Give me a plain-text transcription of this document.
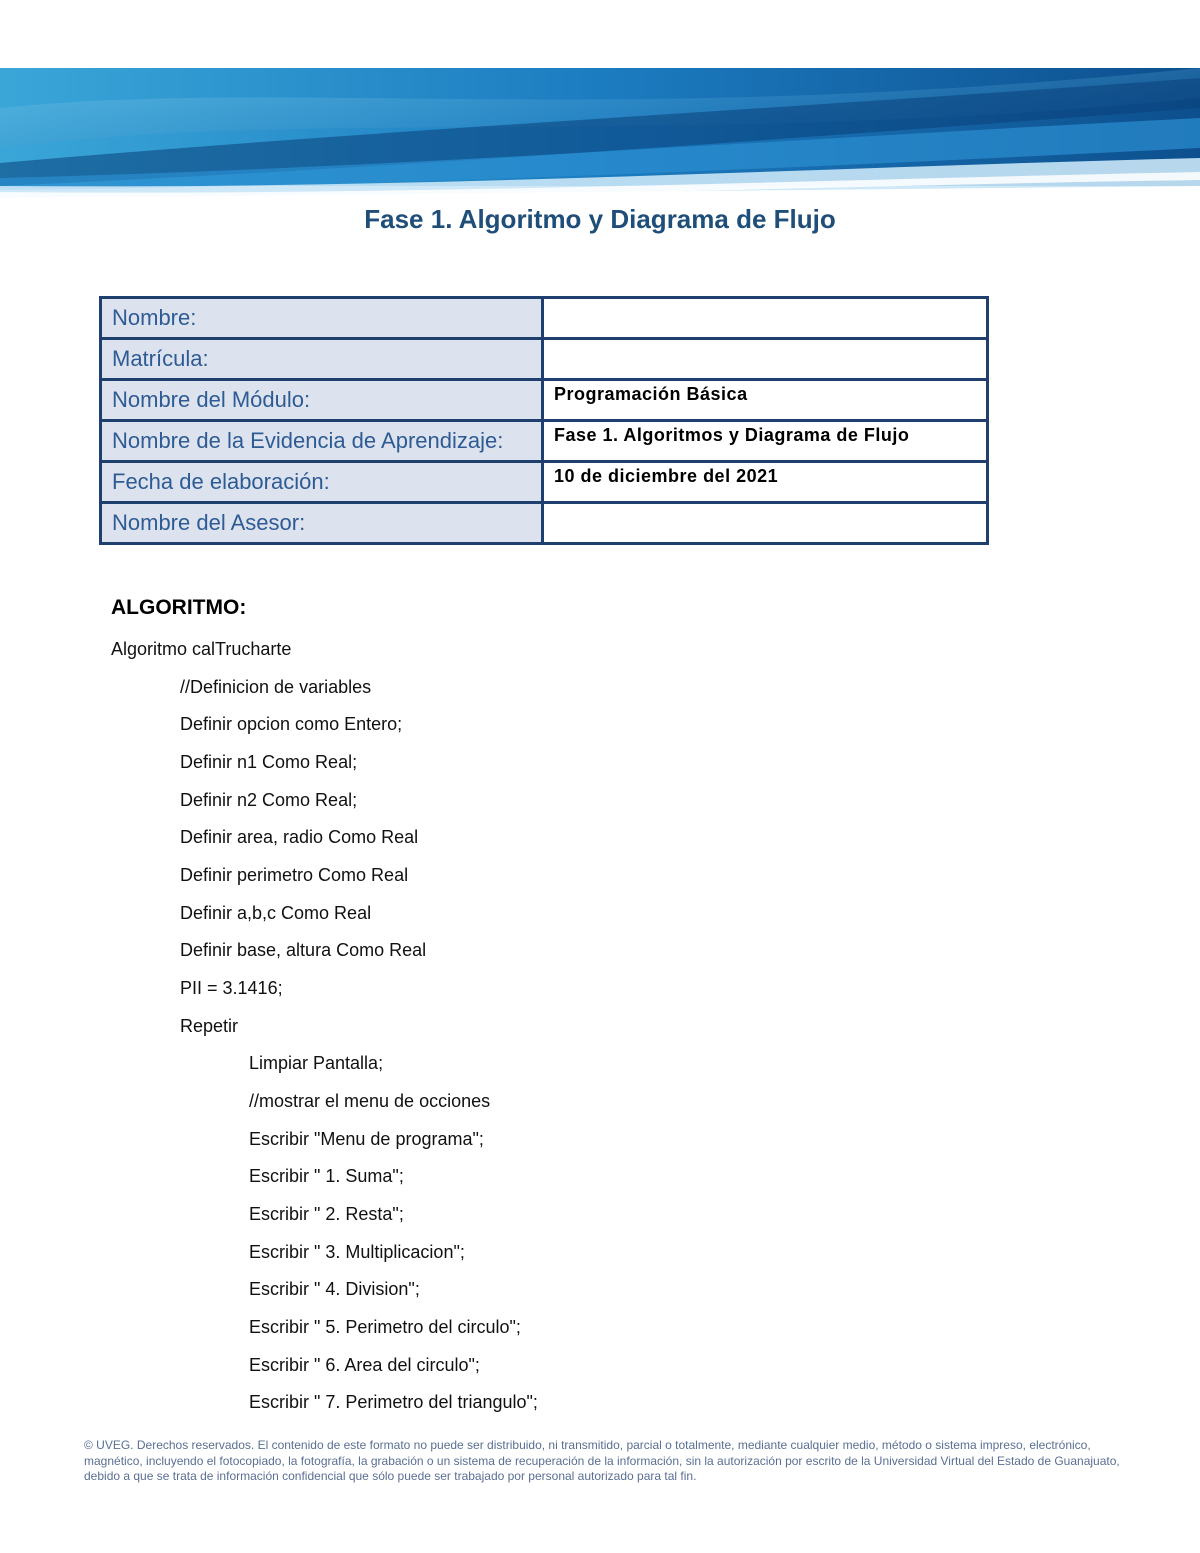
Fase 1. Algoritmo y Diagrama de Flujo
Nombre:	
Matrícula:	
Nombre del Módulo:	Programación Básica
Nombre de la Evidencia de Aprendizaje:	Fase 1. Algoritmos y Diagrama de Flujo
Fecha de elaboración:	10 de diciembre del 2021
Nombre del Asesor:	
ALGORITMO:
Algoritmo calTrucharte
//Definicion de variables
Definir opcion como Entero;
Definir n1 Como Real;
Definir n2 Como Real;
Definir area, radio Como Real
Definir perimetro Como Real
Definir a,b,c Como Real
Definir base, altura Como Real
PII = 3.1416;
Repetir
Limpiar Pantalla;
//mostrar el menu de occiones
Escribir "Menu de programa";
Escribir " 1. Suma";
Escribir " 2. Resta";
Escribir " 3. Multiplicacion";
Escribir " 4. Division";
Escribir " 5. Perimetro del circulo";
Escribir " 6. Area del circulo";
Escribir " 7. Perimetro del triangulo";
© UVEG. Derechos reservados. El contenido de este formato no puede ser distribuido, ni transmitido, parcial o totalmente, mediante cualquier medio, método o sistema impreso, electrónico, magnético, incluyendo el fotocopiado, la fotografía, la grabación o un sistema de recuperación de la información, sin la autorización por escrito de la Universidad Virtual del Estado de Guanajuato, debido a que se trata de información confidencial que sólo puede ser trabajado por personal autorizado para tal fin.
